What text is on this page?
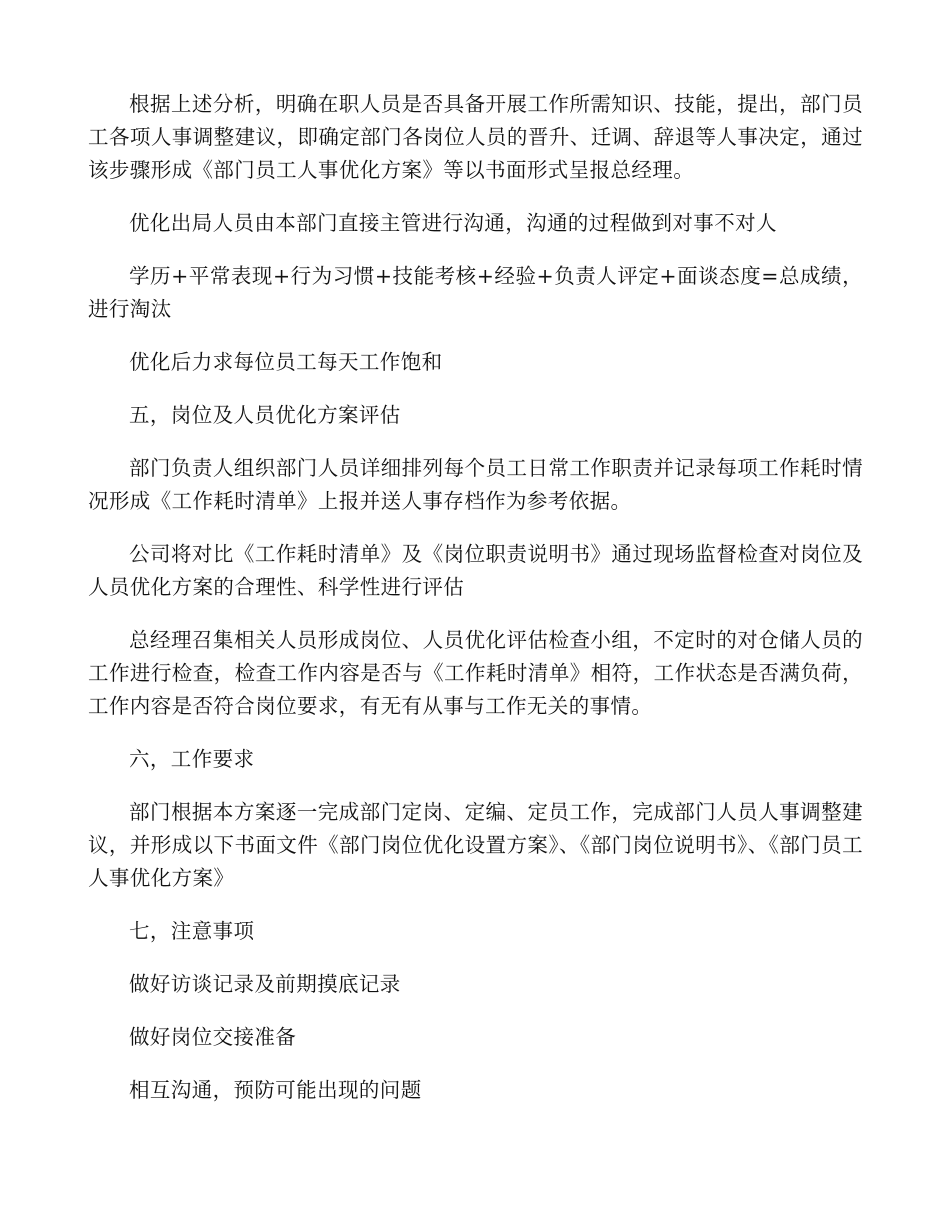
根据上述分析，明确在职人员是否具备开展工作所需知识、技能，提出，部门员工各项人事调整建议，即确定部门各岗位人员的晋升、迁调、辞退等人事决定，通过该步骤形成《部门员工人事优化方案》等以书面形式呈报总经理。

优化出局人员由本部门直接主管进行沟通，沟通的过程做到对事不对人

学历+平常表现+行为习惯+技能考核+经验+负责人评定+面谈态度=总成绩，进行淘汰

优化后力求每位员工每天工作饱和

五，岗位及人员优化方案评估

部门负责人组织部门人员详细排列每个员工日常工作职责并记录每项工作耗时情况形成《工作耗时清单》上报并送人事存档作为参考依据。

公司将对比《工作耗时清单》及《岗位职责说明书》通过现场监督检查对岗位及人员优化方案的合理性、科学性进行评估

总经理召集相关人员形成岗位、人员优化评估检查小组，不定时的对仓储人员的工作进行检查，检查工作内容是否与《工作耗时清单》相符，工作状态是否满负荷，工作内容是否符合岗位要求，有无有从事与工作无关的事情。

六，工作要求

部门根据本方案逐一完成部门定岗、定编、定员工作，完成部门人员人事调整建议，并形成以下书面文件《部门岗位优化设置方案》、《部门岗位说明书》、《部门员工人事优化方案》

七，注意事项

做好访谈记录及前期摸底记录

做好岗位交接准备

相互沟通，预防可能出现的问题
